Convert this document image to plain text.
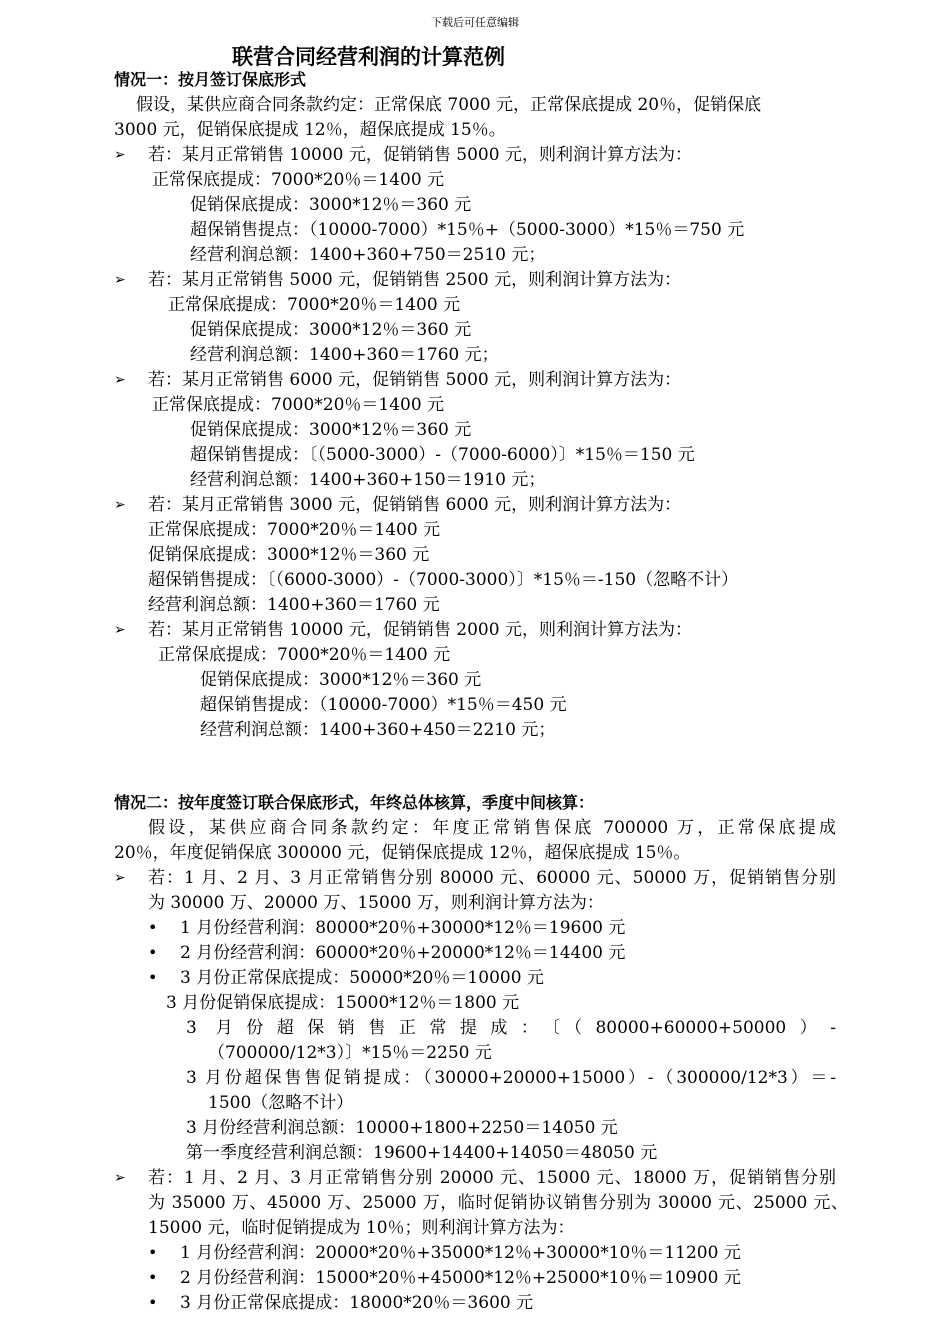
下载后可任意编辑
联营合同经营利润的计算范例
情况一：按月签订保底形式
假设，某供应商合同条款约定：正常保底 7000 元，正常保底提成 20％，促销保底
3000 元，促销保底提成 12％，超保底提成 15％。
➢ 若：某月正常销售 10000 元，促销销售 5000 元，则利润计算方法为：
正常保底提成：7000*20％＝1400 元
促销保底提成：3000*12％＝360 元
超保销售提点：（10000-7000）*15％+（5000-3000）*15％＝750 元
经营利润总额：1400+360+750＝2510 元；
➢ 若：某月正常销售 5000 元，促销销售 2500 元，则利润计算方法为：
正常保底提成：7000*20％＝1400 元
促销保底提成：3000*12％＝360 元
经营利润总额：1400+360＝1760 元；
➢ 若：某月正常销售 6000 元，促销销售 5000 元，则利润计算方法为：
正常保底提成：7000*20％＝1400 元
促销保底提成：3000*12％＝360 元
超保销售提成：〔（5000-3000）-（7000-6000）〕*15％＝150 元
经营利润总额：1400+360+150＝1910 元；
➢ 若：某月正常销售 3000 元，促销销售 6000 元，则利润计算方法为：
正常保底提成：7000*20％＝1400 元
促销保底提成：3000*12％＝360 元
超保销售提成：〔（6000-3000）-（7000-3000）〕*15％＝-150（忽略不计）
经营利润总额：1400+360＝1760 元
➢ 若：某月正常销售 10000 元，促销销售 2000 元，则利润计算方法为：
正常保底提成：7000*20％＝1400 元
促销保底提成：3000*12％＝360 元
超保销售提成：（10000-7000）*15％＝450 元
经营利润总额：1400+360+450＝2210 元；
情况二：按年度签订联合保底形式，年终总体核算，季度中间核算：
假设，某供应商合同条款约定：年度正常销售保底 700000 万，正常保底提成
20％，年度促销保底 300000 元，促销保底提成 12％，超保底提成 15％。
➢ 若：1 月、2 月、3 月正常销售分别 80000 元、60000 元、50000 万，促销销售分别
为 30000 万、20000 万、15000 万，则利润计算方法为：
• 1 月份经营利润：80000*20％+30000*12％＝19600 元
• 2 月份经营利润：60000*20％+20000*12％＝14400 元
• 3 月份正常保底提成：50000*20％＝10000 元
3 月份促销保底提成：15000*12％＝1800 元
3 月份超保销售正常提成：〔（80000+60000+50000）-
（700000/12*3）〕*15％＝2250 元
3 月份超保售售促销提成：（30000+20000+15000）-（300000/12*3）＝-
1500（忽略不计）
3 月份经营利润总额：10000+1800+2250＝14050 元
第一季度经营利润总额：19600+14400+14050＝48050 元
➢ 若：1 月、2 月、3 月正常销售分别 20000 元、15000 元、18000 万，促销销售分别
为 35000 万、45000 万、25000 万，临时促销协议销售分别为 30000 元、25000 元、
15000 元，临时促销提成为 10％；则利润计算方法为：
• 1 月份经营利润：20000*20％+35000*12％+30000*10％＝11200 元
• 2 月份经营利润：15000*20％+45000*12％+25000*10％＝10900 元
• 3 月份正常保底提成：18000*20％＝3600 元
